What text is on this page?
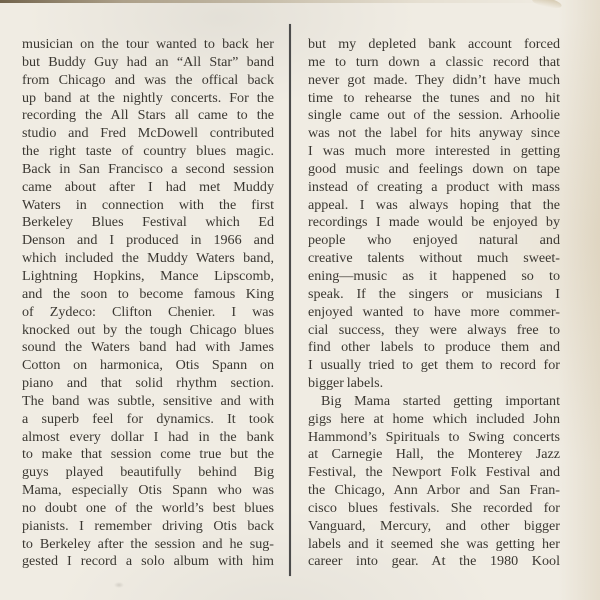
musician on the tour wanted to back her
but Buddy Guy had an “All Star” band
from Chicago and was the offical back
up band at the nightly concerts. For the
recording the All Stars all came to the
studio and Fred McDowell contributed
the right taste of country blues magic.
Back in San Francisco a second session
came about after I had met Muddy
Waters in connection with the first
Berkeley Blues Festival which Ed
Denson and I produced in 1966 and
which included the Muddy Waters band,
Lightning Hopkins, Mance Lipscomb,
and the soon to become famous King
of Zydeco: Clifton Chenier. I was
knocked out by the tough Chicago blues
sound the Waters band had with James
Cotton on harmonica, Otis Spann on
piano and that solid rhythm section.
The band was subtle, sensitive and with
a superb feel for dynamics. It took
almost every dollar I had in the bank
to make that session come true but the
guys played beautifully behind Big
Mama, especially Otis Spann who was
no doubt one of the world’s best blues
pianists. I remember driving Otis back
to Berkeley after the session and he sug-
gested I record a solo album with him
but my depleted bank account forced
me to turn down a classic record that
never got made. They didn’t have much
time to rehearse the tunes and no hit
single came out of the session. Arhoolie
was not the label for hits anyway since
I was much more interested in getting
good music and feelings down on tape
instead of creating a product with mass
appeal. I was always hoping that the
recordings I made would be enjoyed by
people who enjoyed natural and
creative talents without much sweet-
ening—music as it happened so to
speak. If the singers or musicians I
enjoyed wanted to have more commer-
cial success, they were always free to
find other labels to produce them and
I usually tried to get them to record for
bigger labels.
Big Mama started getting important
gigs here at home which included John
Hammond’s Spirituals to Swing concerts
at Carnegie Hall, the Monterey Jazz
Festival, the Newport Folk Festival and
the Chicago, Ann Arbor and San Fran-
cisco blues festivals. She recorded for
Vanguard, Mercury, and other bigger
labels and it seemed she was getting her
career into gear. At the 1980 Kool
